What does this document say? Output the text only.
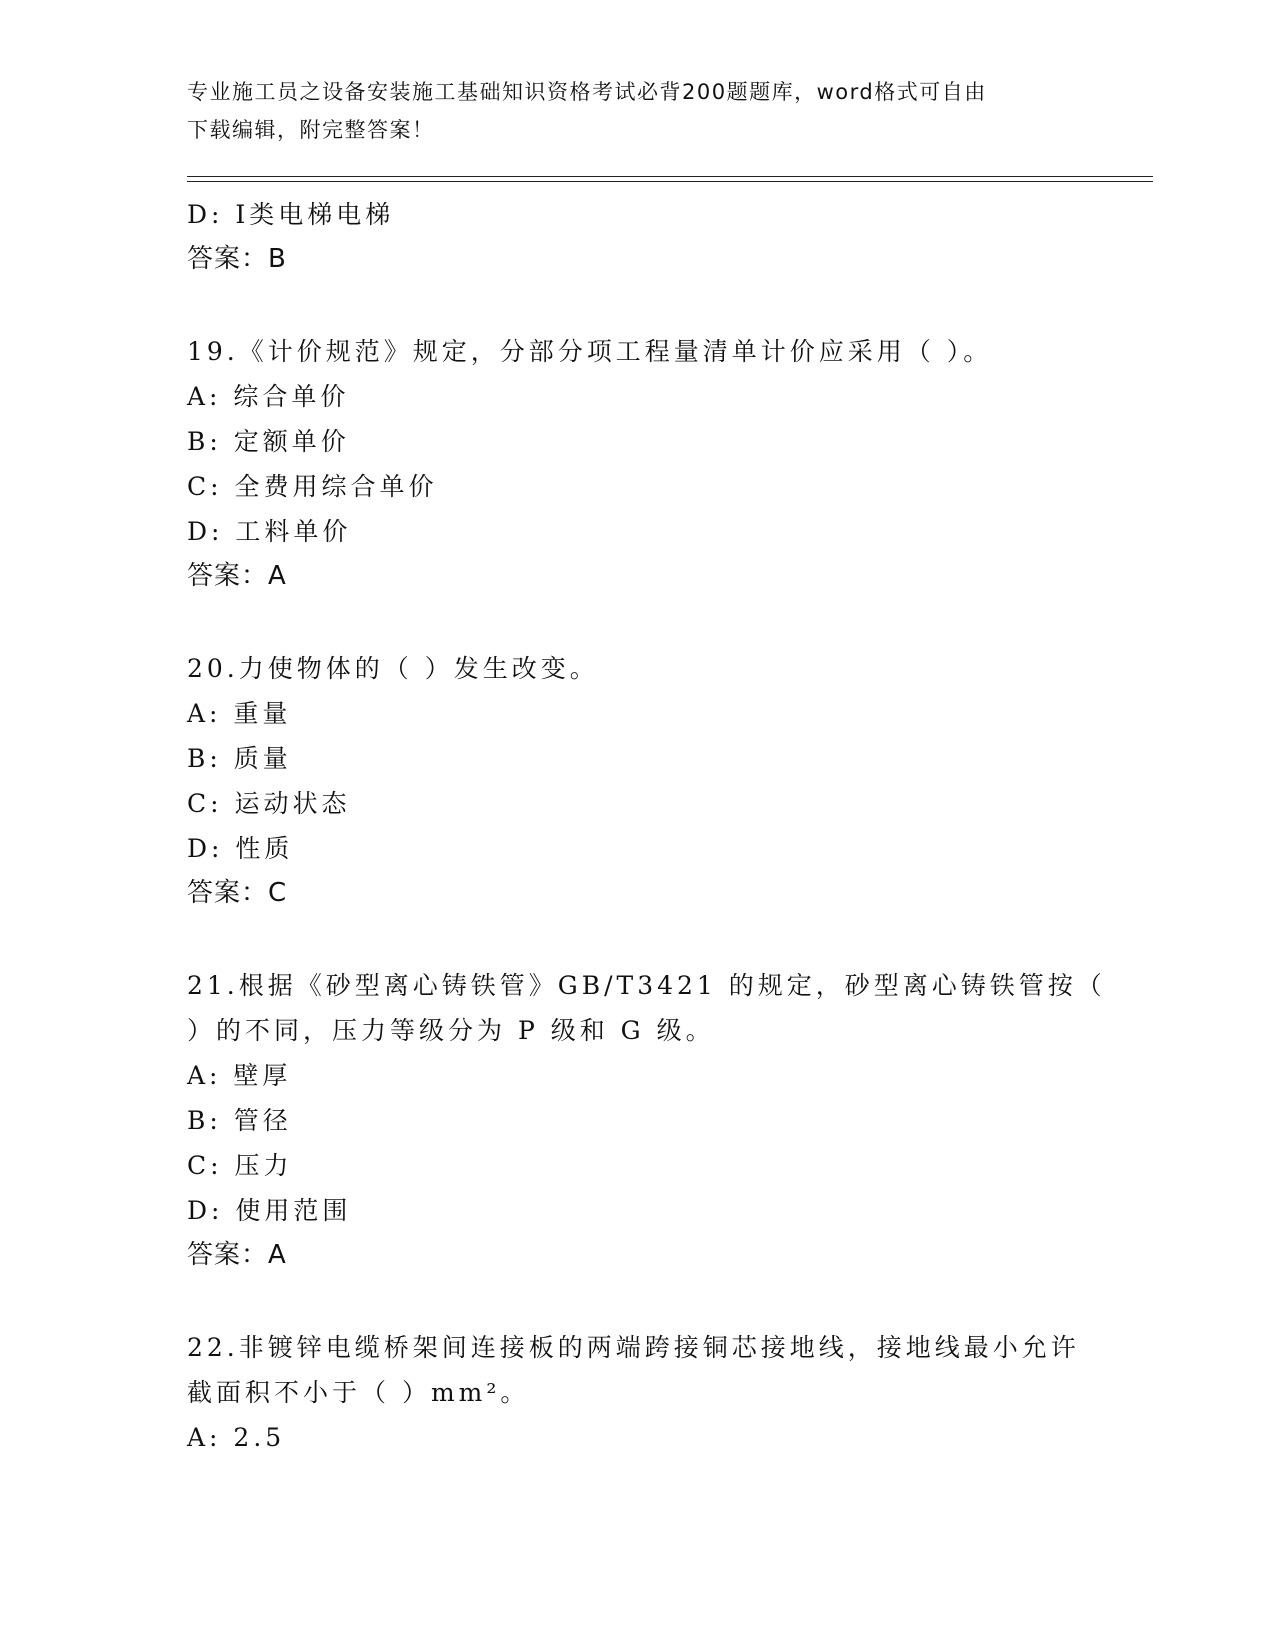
专业施工员之设备安装施工基础知识资格考试必背200题题库，word格式可自由
下载编辑，附完整答案！
D: Ⅰ类电梯电梯
答案：B
19.《计价规范》规定，分部分项工程量清单计价应采用（ ）。
A: 综合单价
B: 定额单价
C: 全费用综合单价
D: 工料单价
答案：A
20.力使物体的（ ）发生改变。
A: 重量
B: 质量
C: 运动状态
D: 性质
答案：C
21.根据《砂型离心铸铁管》GB/T3421 的规定，砂型离心铸铁管按（
）的不同，压力等级分为 P 级和 G 级。
A: 壁厚
B: 管径
C: 压力
D: 使用范围
答案：A
22.非镀锌电缆桥架间连接板的两端跨接铜芯接地线，接地线最小允许
截面积不小于（ ）mm²。
A: 2.5
